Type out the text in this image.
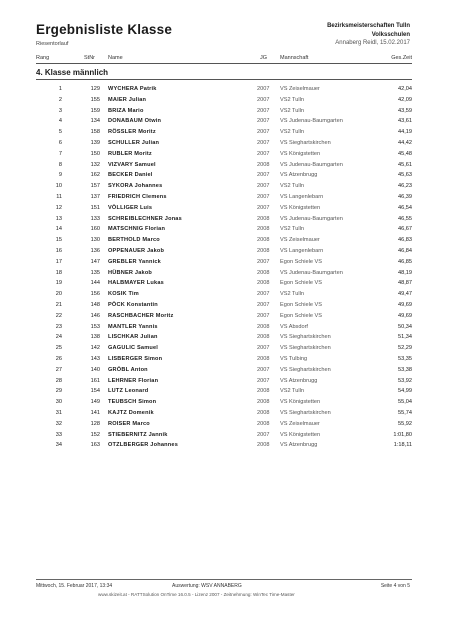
Ergebnisliste Klasse
Riesentorlauf
Bezirksmeisterschaften Tulln
Volksschulen
Annaberg Reidl, 15.02.2017
Rang	StNr Name	JG Mannschaft	Ges.Zeit
4. Klasse männlich
1	129 WYCHERA Patrik	2007 VS Zeiselmauer	42,04
2	155 MAIER Julian	2007 VS2 Tulln	42,09
3	159 BRIZA Mario	2007 VS2 Tulln	43,59
4	134 DONABAUM Otwin	2007 VS Judenau-Baumgarten	43,61
5	158 RÖSSLER Moritz	2007 VS2 Tulln	44,19
6	139 SCHULLER Julian	2007 VS Sieghartskirchen	44,42
7	150 RUBLER Moritz	2007 VS Königstetten	45,48
8	132 VIZVARY Samuel	2008 VS Judenau-Baumgarten	45,61
9	162 BECKER Daniel	2007 VS Atzenbrugg	45,63
10	157 SYKORA Johannes	2007 VS2 Tulln	46,23
11	137 FRIEDRICH Clemens	2007 VS Langenlebarn	46,39
12	151 VÖLLIGER Luis	2007 VS Königstetten	46,54
13	133 SCHREIBLECHNER Jonas	2008 VS Judenau-Baumgarten	46,55
14	160 MATSCHNIG Florian	2008 VS2 Tulln	46,67
15	130 BERTHOLD Marco	2008 VS Zeiselmauer	46,83
16	136 OPPENAUER Jakob	2008 VS Langenlebarn	46,84
17	147 GREBLER Yannick	2007 Egon Schiele VS	46,85
18	135 HÜBNER Jakob	2008 VS Judenau-Baumgarten	48,19
19	144 HALBMAYER Lukas	2008 Egon Schiele VS	48,87
20	156 KOSIK Tim	2007 VS2 Tulln	49,47
21	148 PÖCK Konstantin	2007 Egon Schiele VS	49,69
22	146 RASCHBACHER Moritz	2007 Egon Schiele VS	49,69
23	153 MANTLER Yannis	2008 VS Absdorf	50,34
24	138 LISCHKAR Julian	2008 VS Sieghartskirchen	51,34
25	142 GAGULIC Samuel	2007 VS Sieghartskirchen	52,29
26	143 LISBERGER Simon	2008 VS Tulbing	53,35
27	140 GRÖBL Anton	2007 VS Sieghartskirchen	53,38
28	161 LEHRNER Florian	2007 VS Atzenbrugg	53,92
29	154 LUTZ Leonard	2008 VS2 Tulln	54,99
30	149 TEUBSCH Simon	2008 VS Königstetten	55,04
31	141 KAJTZ Domenik	2008 VS Sieghartskirchen	55,74
32	128 ROISER Marco	2008 VS Zeiselmauer	55,92
33	152 STIEBERNITZ Jannik	2007 VS Königstetten	1:01,80
34	163 OTZLBERGER Johannes	2008 VS Atzenbrugg	1:18,11
Mittwoch, 15. Februar 2017, 13:34	Auswertung: WSV ANNABERG	Seite 4 von 5
www.skizeit.at - RATTSolution OnTime 16.0.5 - Lizenz 2007 - Zeitnehmung: WinTec Time-Master
